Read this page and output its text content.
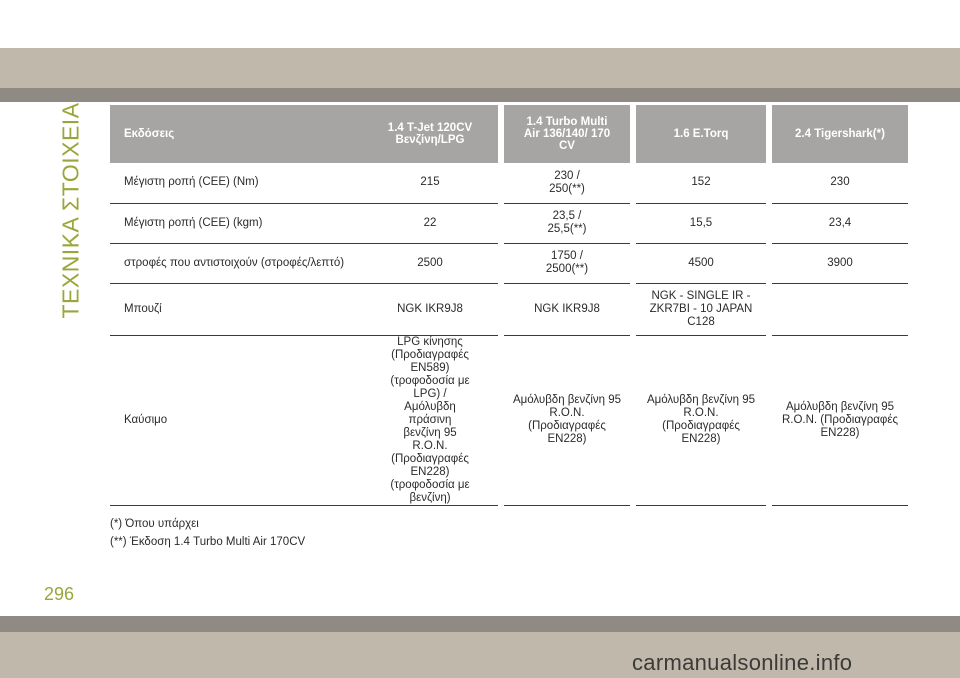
ΤΕΧΝΙΚΑ ΣΤΟΙΧΕΙΑ	Εκδόσεις	1.4 T-Jet 120CV Βενζίνη/LPG		1.4 Turbo Multi Air 136/140/ 170 CV		1.6 E.Torq		2.4 Tigershark(*)
Μέγιστη ροπή (CEE) (Nm)	215		230 / 250(**)		152		230
Μέγιστη ροπή (CEE) (kgm)	22		23,5 / 25,5(**)		15,5		23,4
στροφές που αντιστοιχούν (στροφές/λεπτό)	2500		1750 / 2500(**)		4500		3900
Μπουζί	NGK IKR9J8		NGK IKR9J8		NGK - SINGLE IR - ZKR7BI - 10 JAPAN C128		
Καύσιμο	LPG κίνησης (Προδιαγραφές EN589) (τροφοδοσία με LPG) / Αμόλυβδη πράσινη βενζίνη 95 R.O.N. (Προδιαγραφές EN228) (τροφοδοσία με βενζίνη)		Αμόλυβδη βενζίνη 95 R.O.N. (Προδιαγραφές EN228)		Αμόλυβδη βενζίνη 95 R.O.N. (Προδιαγραφές EN228)		Αμόλυβδη βενζίνη 95 R.O.N. (Προδιαγραφές EN228)
(*) Όπου υπάρχει
(**) Έκδοση 1.4 Turbo Multi Air 170CV
296
carmanualsonline.info
